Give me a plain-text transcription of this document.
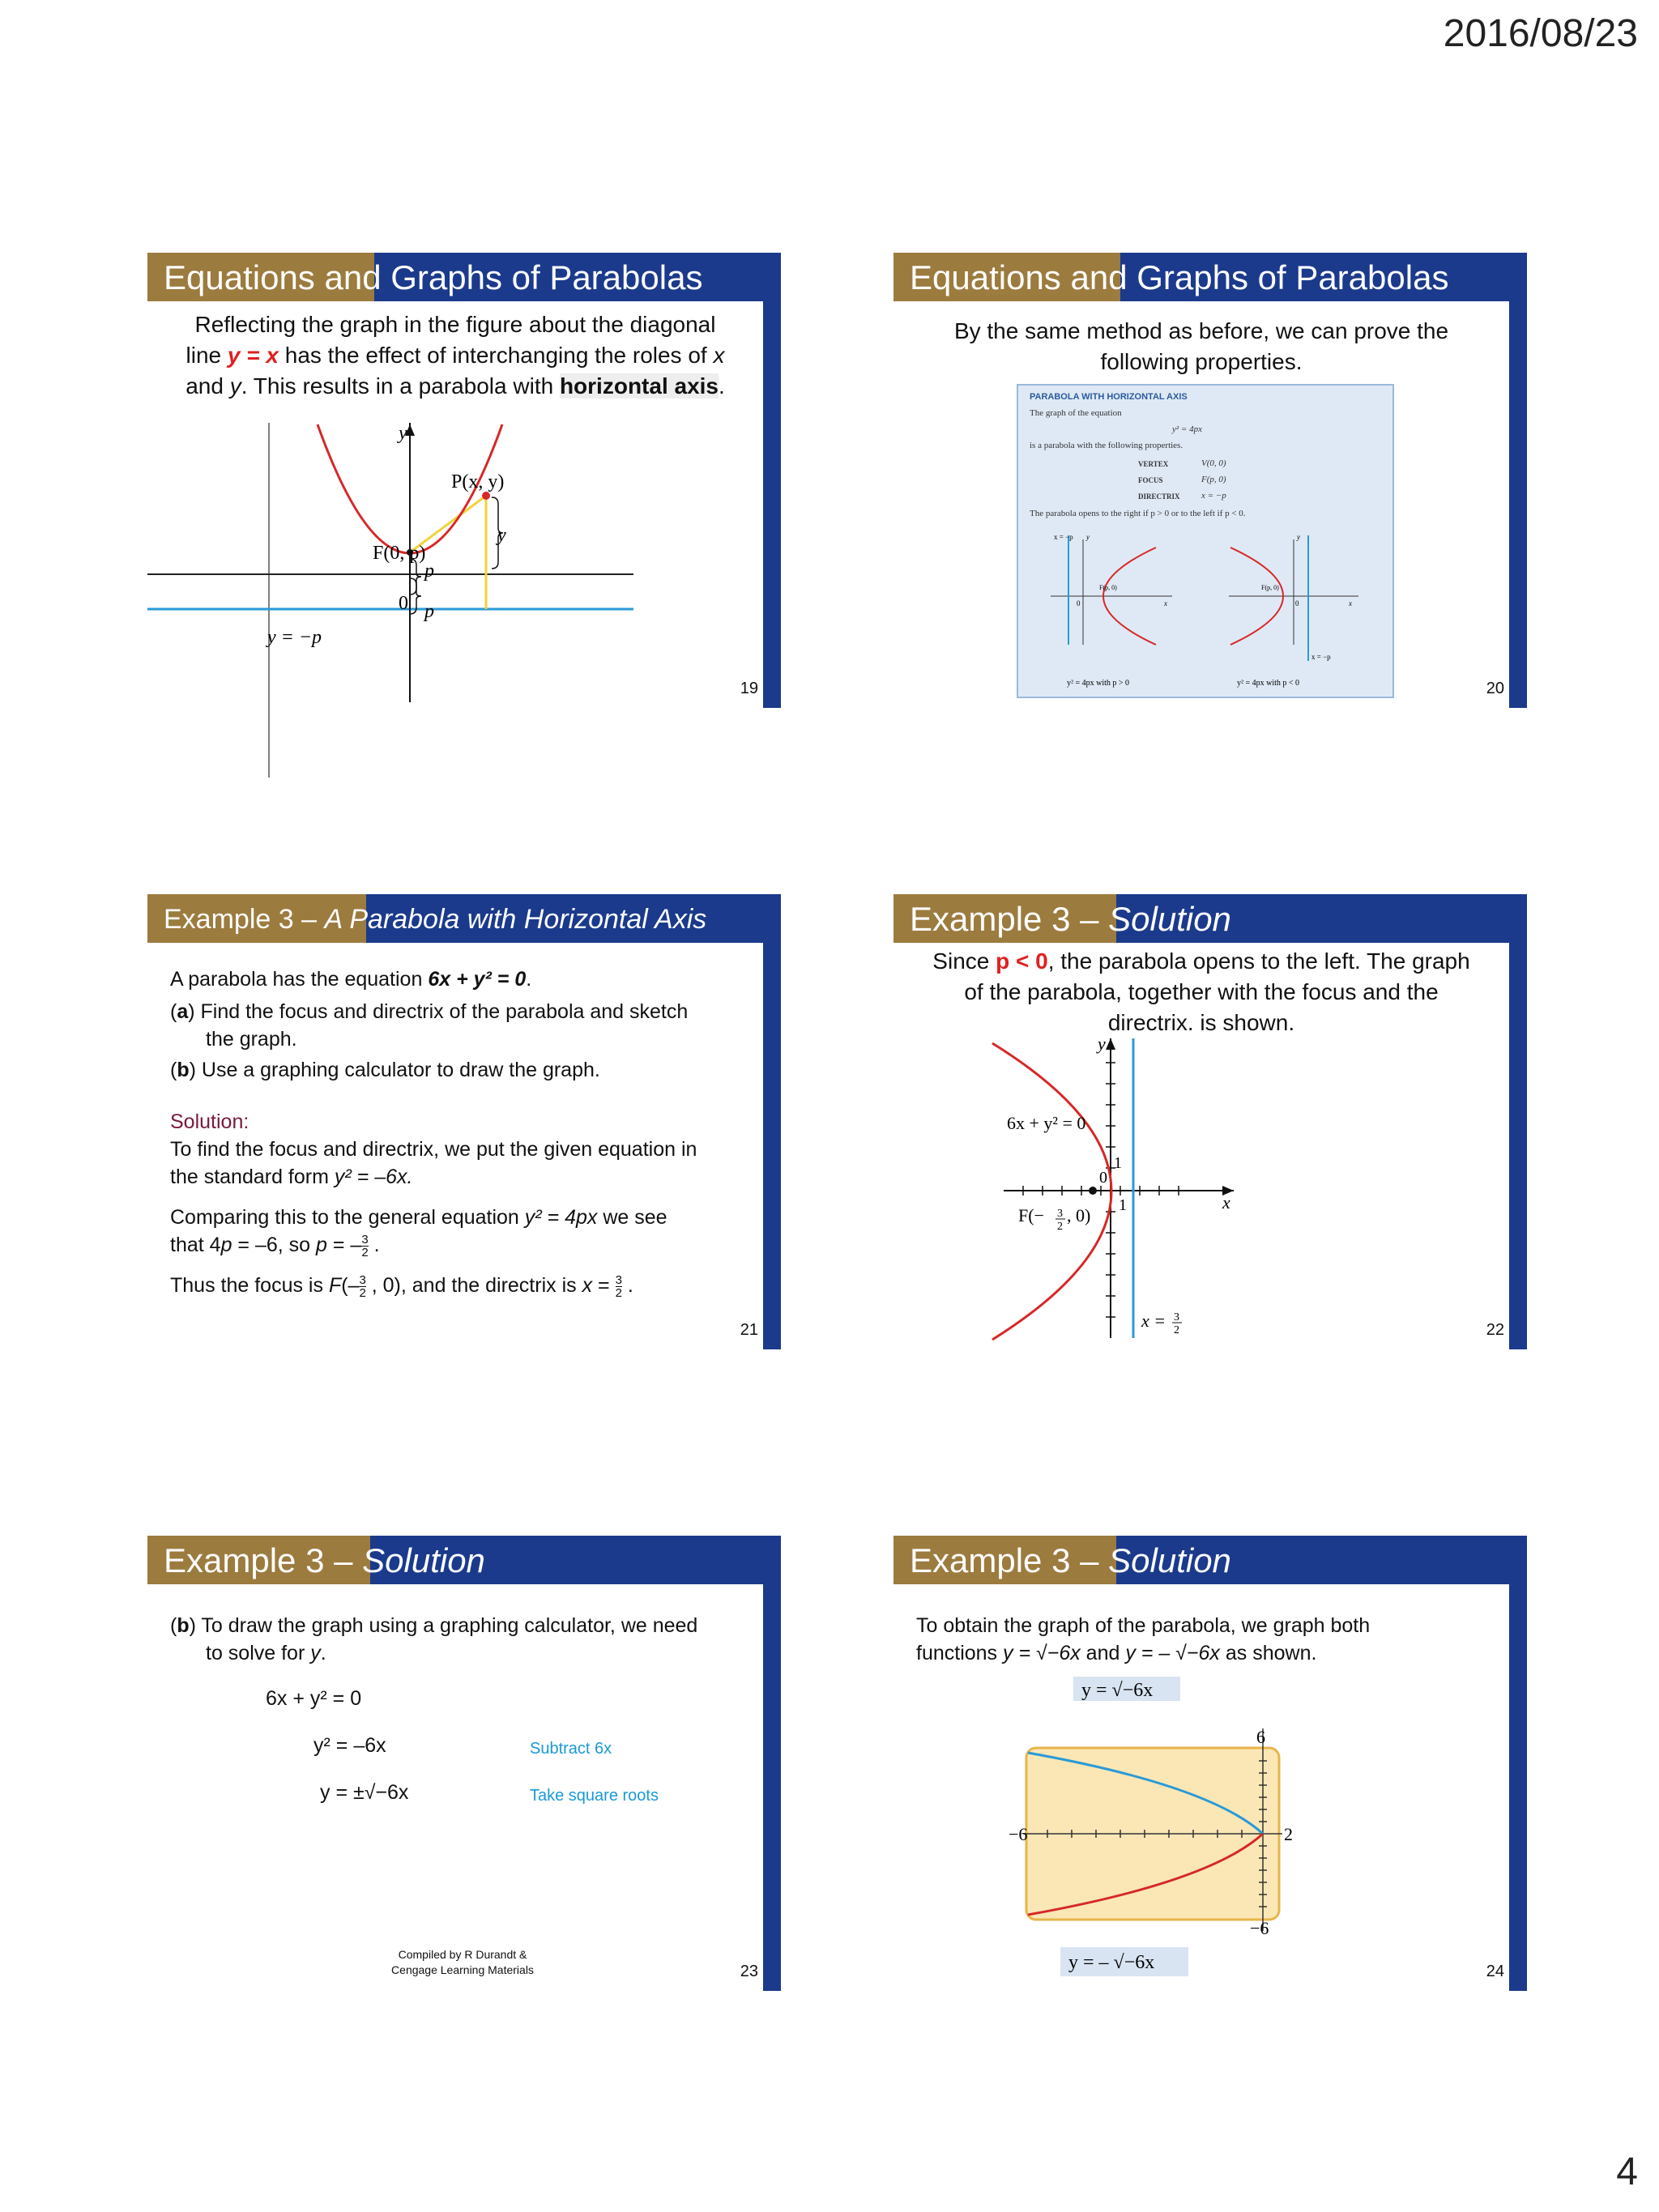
2016/08/23
Equations and Graphs of Parabolas
Reflecting the graph in the figure about the diagonal
line y = x has the effect of interchanging the roles of x
and y. This results in a parabola with horizontal axis.
y
P(x, y)
F(0, p)
0
p
p
y
y = −p
19
Equations and Graphs of Parabolas
By the same method as before, we can prove the
following properties.
PARABOLA WITH HORIZONTAL AXIS
The graph of the equation
y² = 4px
is a parabola with the following properties.
VERTEX	V(0, 0)
FOCUS	F(p, 0)
DIRECTRIX x = −p
The parabola opens to the right if p > 0 or to the left if p < 0.
x = −p y
F(p, 0)
0	x
y² = 4px with p > 0
y
F(p, 0)
0	x
x = −p
y² = 4px with p < 0	20
Example 3 – A Parabola with Horizontal Axis
A parabola has the equation 6x + y² = 0.
(a) Find the focus and directrix of the parabola and sketch
the graph.
(b) Use a graphing calculator to draw the graph.
Solution:
To find the focus and directrix, we put the given equation in
the standard form y² = –6x.
Comparing this to the general equation y² = 4px we see
that 4p = –6, so p = – $\frac{3}{2}$ .
Thus the focus is $F(- \frac{3}{2}$ , 0), and the directrix is $x = \frac{3}{2}$ .
21
Example 3 – Solution	cont’d
Since p < 0, the parabola opens to the left. The graph
of the parabola, together with the focus and the
directrix. is shown.
y
6x + y² = 0
1
0
1	x
F(− 3
2
, 0)
x = 3
2	22
Example 3 – Solution	cont’d
(b) To draw the graph using a graphing calculator, we need
to solve for y.
6x + y² = 0
y² = –6x
y = ±√−6x
Subtract 6x
Take square roots
Compiled by R Durandt &
Cengage Learning Materials	23
Example 3 – Solution	cont’d
To obtain the graph of the parabola, we graph both
functions y = √−6x and y = – √−6x as shown.
y = √−6x
6
−6	2
−6
y = – √−6x	24
4
